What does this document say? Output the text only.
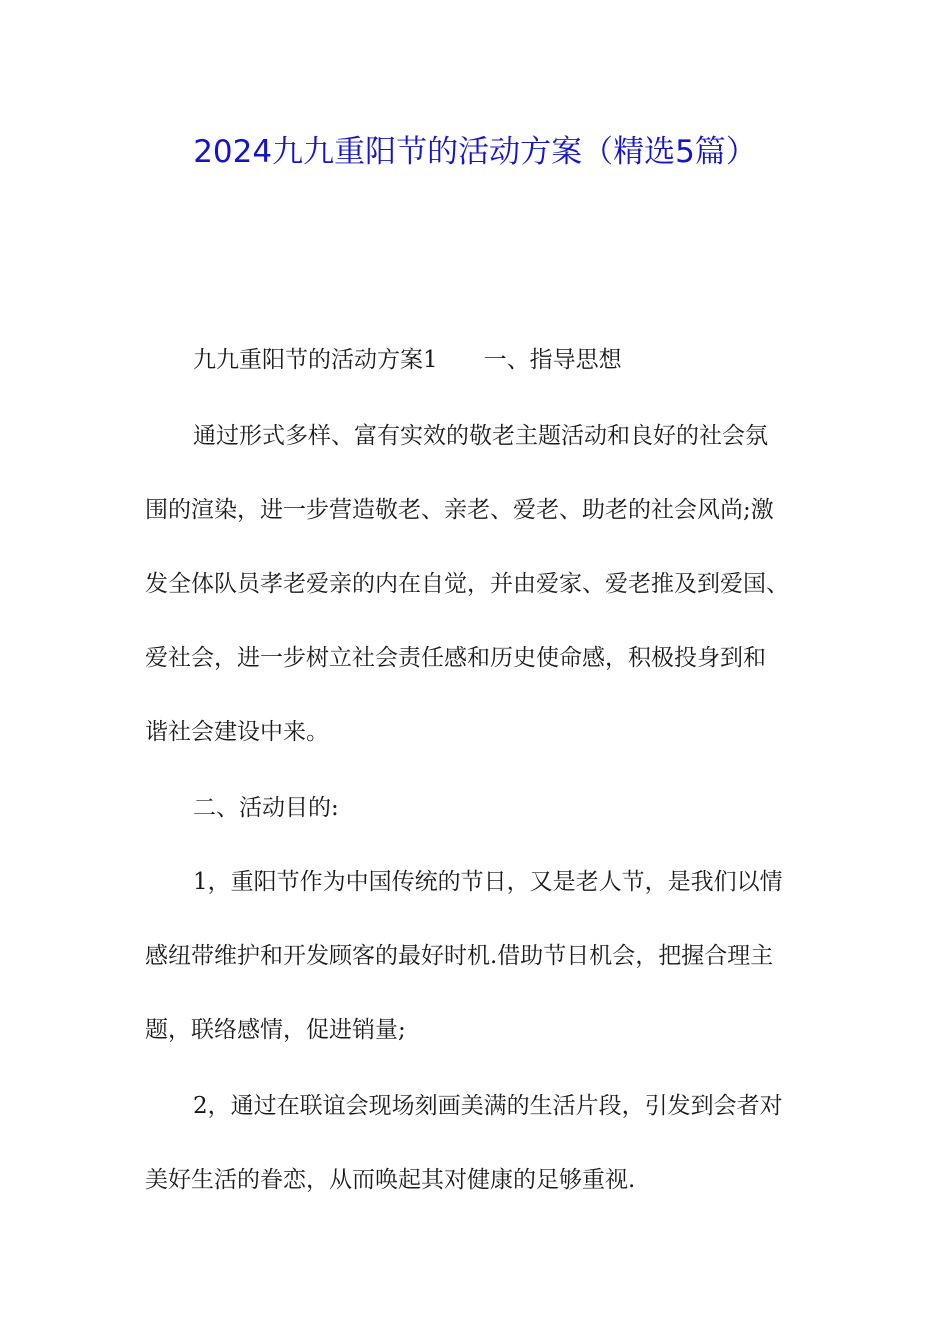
2024九九重阳节的活动方案（精选5篇）
九九重阳节的活动方案1　　一、指导思想
通过形式多样、富有实效的敬老主题活动和良好的社会氛
围的渲染，进一步营造敬老、亲老、爱老、助老的社会风尚;激
发全体队员孝老爱亲的内在自觉，并由爱家、爱老推及到爱国、
爱社会，进一步树立社会责任感和历史使命感，积极投身到和
谐社会建设中来。
二、活动目的:
1，重阳节作为中国传统的节日，又是老人节，是我们以情
感纽带维护和开发顾客的最好时机.借助节日机会，把握合理主
题，联络感情，促进销量;
2，通过在联谊会现场刻画美满的生活片段，引发到会者对
美好生活的眷恋，从而唤起其对健康的足够重视.
